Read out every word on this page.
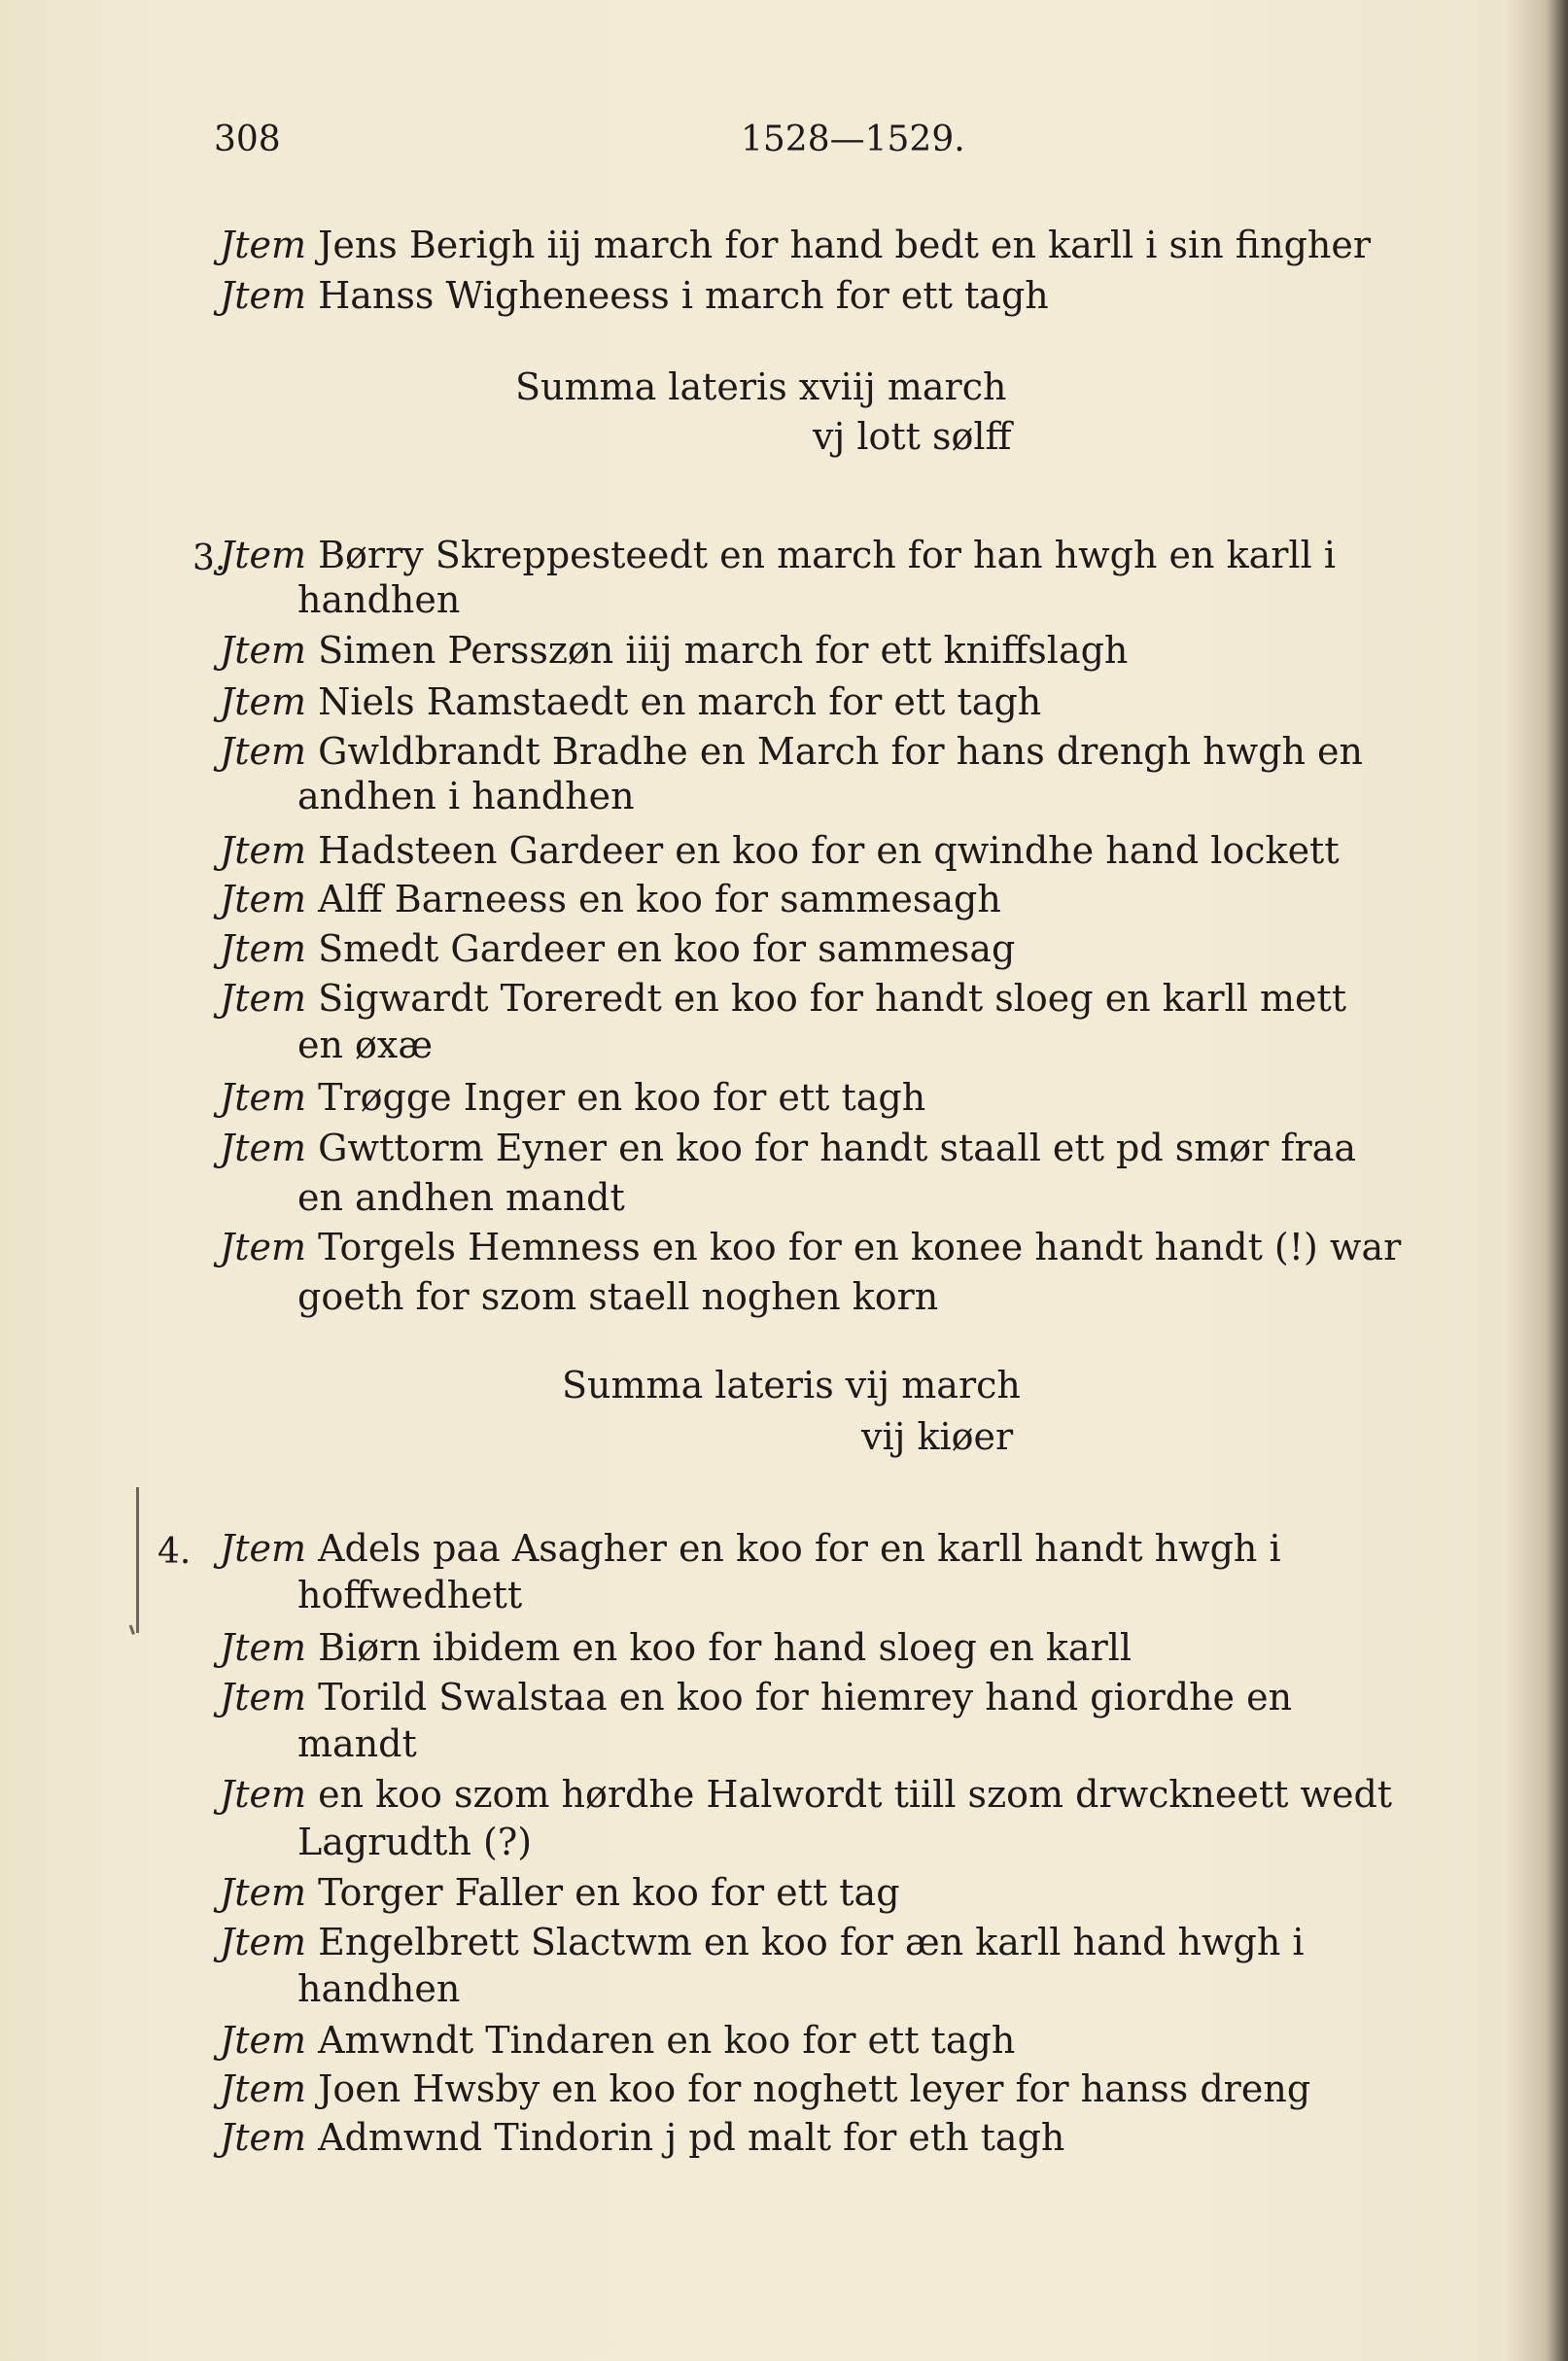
308	1528—1529.
Jtem Jens Berigh iij march for hand bedt en karll i sin fingher
Jtem Hanss Wigheneess i march for ett tagh
Summa lateris xviij march
vj lott sølff
3.
Jtem Børry Skreppesteedt en march for han hwgh en karll i
handhen
Jtem Simen Persszøn iiij march for ett kniffslagh
Jtem Niels Ramstaedt en march for ett tagh
Jtem Gwldbrandt Bradhe en March for hans drengh hwgh en
andhen i handhen
Jtem Hadsteen Gardeer en koo for en qwindhe hand lockett
Jtem Alff Barneess en koo for sammesagh
Jtem Smedt Gardeer en koo for sammesag
Jtem Sigwardt Toreredt en koo for handt sloeg en karll mett
en øxæ
Jtem Trøgge Inger en koo for ett tagh
Jtem Gwttorm Eyner en koo for handt staall ett pd smør fraa
en andhen mandt
Jtem Torgels Hemness en koo for en konee handt handt (!) war
goeth for szom staell noghen korn
Summa lateris vij march
vij kiøer
4. Jtem Adels paa Asagher en koo for en karll handt hwgh i
hoffwedhett
Jtem Biørn ibidem en koo for hand sloeg en karll
Jtem Torild Swalstaa en koo for hiemrey hand giordhe en
mandt
Jtem en koo szom hørdhe Halwordt tiill szom drwckneett wedt
Lagrudth (?)
Jtem Torger Faller en koo for ett tag
Jtem Engelbrett Slactwm en koo for æn karll hand hwgh i
handhen
Jtem Amwndt Tindaren en koo for ett tagh
Jtem Joen Hwsby en koo for noghett leyer for hanss dreng
Jtem Admwnd Tindorin j pd malt for eth tagh
